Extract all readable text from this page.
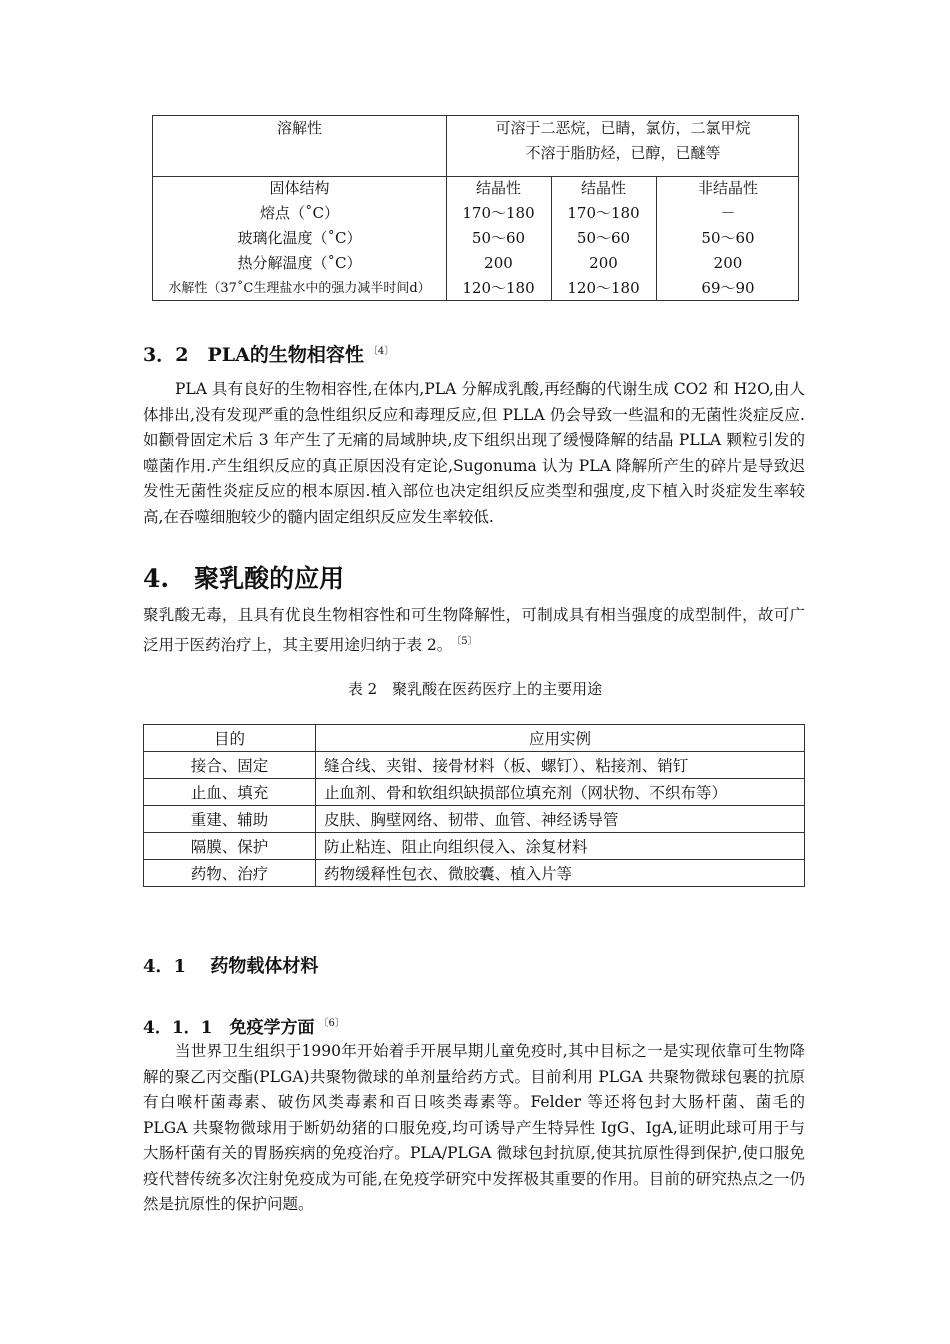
溶解性	可溶于二恶烷，已睛，氯仿，二氯甲烷
不溶于脂肪烃，已醇，已醚等
固体结构	结晶性	结晶性	非结晶性
熔点（˚C）	170～180	170～180	－
玻璃化温度（˚C）	50～60	50～60	50～60
热分解温度（˚C）	200	200	200
水解性（37˚C生理盐水中的强力减半时间d）	120～180	120～180	69～90
3．2　PLA的生物相容性 $^{〔4〕}$
PLA 具有良好的生物相容性,在体内,PLA 分解成乳酸,再经酶的代谢生成 CO2 和 H2O,由人体排出,没有发现严重的急性组织反应和毒理反应,但 PLLA 仍会导致一些温和的无菌性炎症反应.如颧骨固定术后 3 年产生了无痛的局域肿块,皮下组织出现了缓慢降解的结晶 PLLA 颗粒引发的噬菌作用.产生组织反应的真正原因没有定论,Sugonuma 认为 PLA 降解所产生的碎片是导致迟发性无菌性炎症反应的根本原因.植入部位也决定组织反应类型和强度,皮下植入时炎症发生率较高,在吞噬细胞较少的髓内固定组织反应发生率较低.
4.　聚乳酸的应用
聚乳酸无毒，且具有优良生物相容性和可生物降解性，可制成具有相当强度的成型制件，故可广泛用于医药治疗上，其主要用途归纳于表 2。 $^{〔5〕}$
表 2　聚乳酸在医药医疗上的主要用途
目的	应用实例
接合、固定	缝合线、夹钳、接骨材料（板、螺钉）、粘接剂、销钉
止血、填充	止血剂、骨和软组织缺损部位填充剂（网状物、不织布等）
重建、辅助	皮肤、胸壁网络、韧带、血管、神经诱导管
隔膜、保护	防止粘连、阻止向组织侵入、涂复材料
药物、治疗	药物缓释性包衣、微胶囊、植入片等
4．1　 药物载体材料
4．1．1　免疫学方面 $^{〔6〕}$
当世界卫生组织于1990年开始着手开展早期儿童免疫时,其中目标之一是实现依靠可生物降解的聚乙丙交酯(PLGA)共聚物微球的单剂量给药方式。目前利用 PLGA 共聚物微球包裹的抗原有白喉杆菌毒素、破伤风类毒素和百日咳类毒素等。Felder 等还将包封大肠杆菌、菌毛的 PLGA 共聚物微球用于断奶幼猪的口服免疫,均可诱导产生特异性 IgG、IgA,证明此球可用于与大肠杆菌有关的胃肠疾病的免疫治疗。PLA/PLGA 微球包封抗原,使其抗原性得到保护,使口服免疫代替传统多次注射免疫成为可能,在免疫学研究中发挥极其重要的作用。目前的研究热点之一仍然是抗原性的保护问题。
